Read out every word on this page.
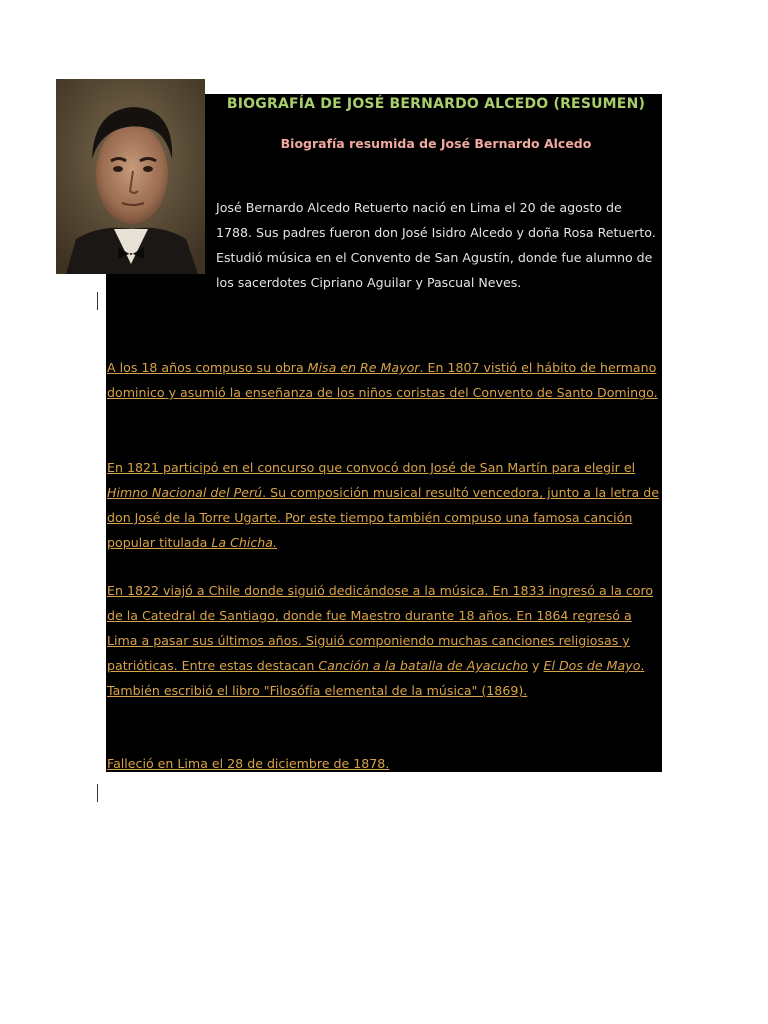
BIOGRAFÍA DE JOSÉ BERNARDO ALCEDO (RESUMEN)
Biografía resumida de José Bernardo Alcedo
José Bernardo Alcedo Retuerto nació en Lima el 20 de agosto de 1788. Sus padres fueron don José Isidro Alcedo y doña Rosa Retuerto. Estudió música en el Convento de San Agustín, donde fue alumno de los sacerdotes Cipriano Aguilar y Pascual Neves.
A los 18 años compuso su obra Misa en Re Mayor. En 1807 vistió el hábito de hermano dominico y asumió la enseñanza de los niños coristas del Convento de Santo Domingo.
En 1821 participó en el concurso que convocó don José de San Martín para elegir el Himno Nacional del Perú. Su composición musical resultó vencedora, junto a la letra de don José de la Torre Ugarte. Por este tiempo también compuso una famosa canción popular titulada La Chicha.
En 1822 viajó a Chile donde siguió dedicándose a la música. En 1833 ingresó a la coro de la Catedral de Santiago, donde fue Maestro durante 18 años. En 1864 regresó a Lima a pasar sus últimos años. Siguió componiendo muchas canciones religiosas y patrióticas. Entre estas destacan Canción a la batalla de Ayacucho y El Dos de Mayo. También escribió el libro "Filosófía elemental de la música" (1869).
Falleció en Lima el 28 de diciembre de 1878.
